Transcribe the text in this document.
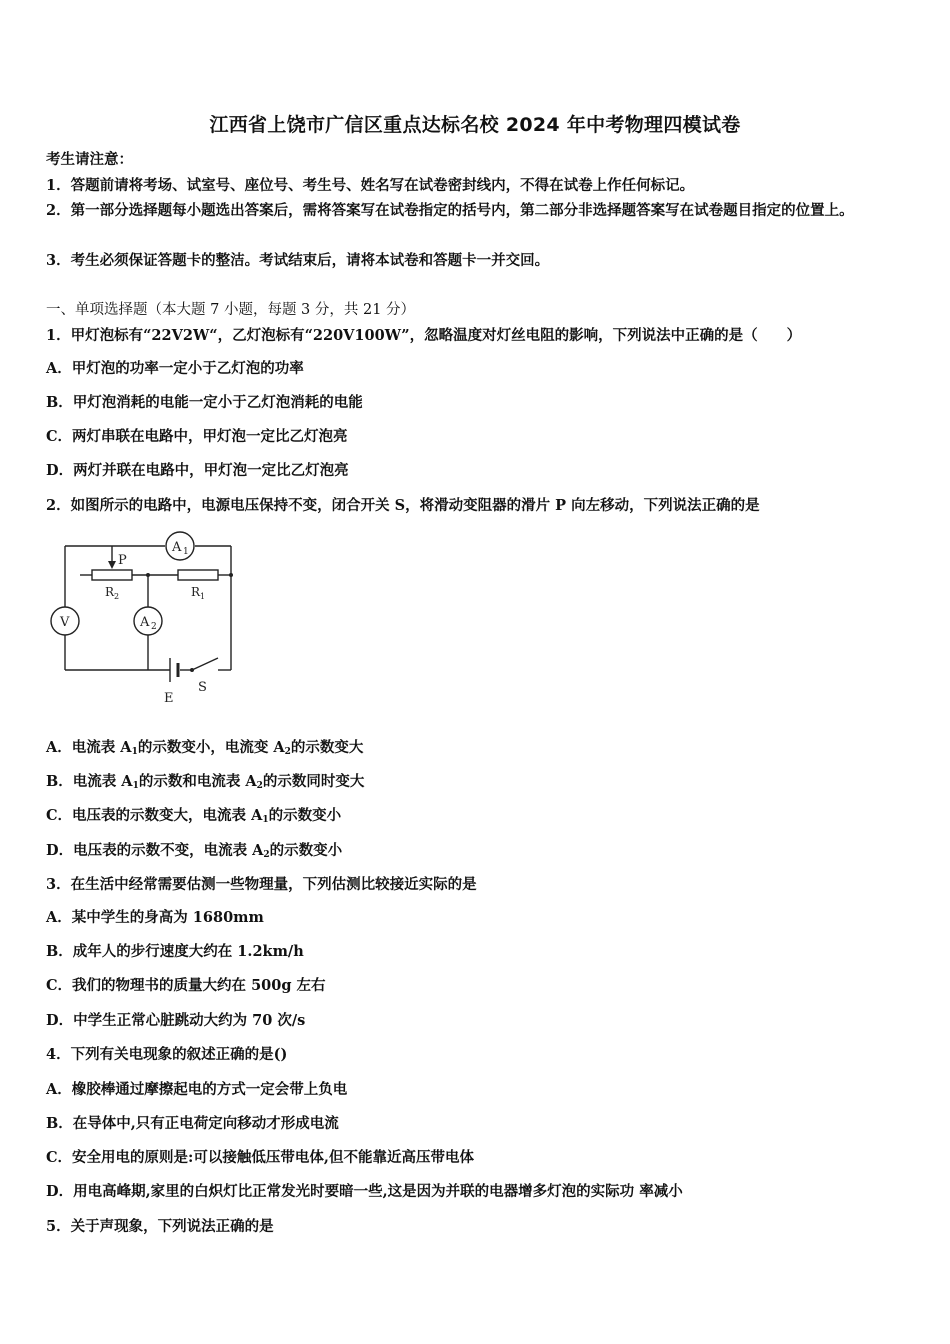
江西省上饶市广信区重点达标名校 2024 年中考物理四模试卷
考生请注意：
1．答题前请将考场、试室号、座位号、考生号、姓名写在试卷密封线内，不得在试卷上作任何标记。
2．第一部分选择题每小题选出答案后，需将答案写在试卷指定的括号内，第二部分非选择题答案写在试卷题目指定的位置上。
3．考生必须保证答题卡的整洁。考试结束后，请将本试卷和答题卡一并交回。
一、单项选择题（本大题 7 小题，每题 3 分，共 21 分）
1．甲灯泡标有“22V2W“，乙灯泡标有“220V100W”，忽略温度对灯丝电阻的影响，下列说法中正确的是（　　）
A．甲灯泡的功率一定小于乙灯泡的功率
B．甲灯泡消耗的电能一定小于乙灯泡消耗的电能
C．两灯串联在电路中，甲灯泡一定比乙灯泡亮
D．两灯并联在电路中，甲灯泡一定比乙灯泡亮
2．如图所示的电路中，电源电压保持不变，闭合开关 S，将滑动变阻器的滑片 P 向左移动，下列说法正确的是
A 1
A 2
V
P
R 2	R 1
E
S
A．电流表 $A_1$的示数变小，电流变 $A_2$的示数变大
B．电流表 $A_1$的示数和电流表 $A_2$的示数同时变大
C．电压表的示数变大，电流表 $A_1$的示数变小
D．电压表的示数不变，电流表 $A_2$的示数变小
3．在生活中经常需要估测一些物理量，下列估测比较接近实际的是
A．某中学生的身高为 1680mm
B．成年人的步行速度大约在 1.2km/h
C．我们的物理书的质量大约在 500g 左右
D．中学生正常心脏跳动大约为 70 次/s
4．下列有关电现象的叙述正确的是()
A．橡胶棒通过摩擦起电的方式一定会带上负电
B．在导体中,只有正电荷定向移动才形成电流
C．安全用电的原则是:可以接触低压带电体,但不能靠近高压带电体
D．用电高峰期,家里的白炽灯比正常发光时要暗一些,这是因为并联的电器增多灯泡的实际功 率减小
5．关于声现象，下列说法正确的是
